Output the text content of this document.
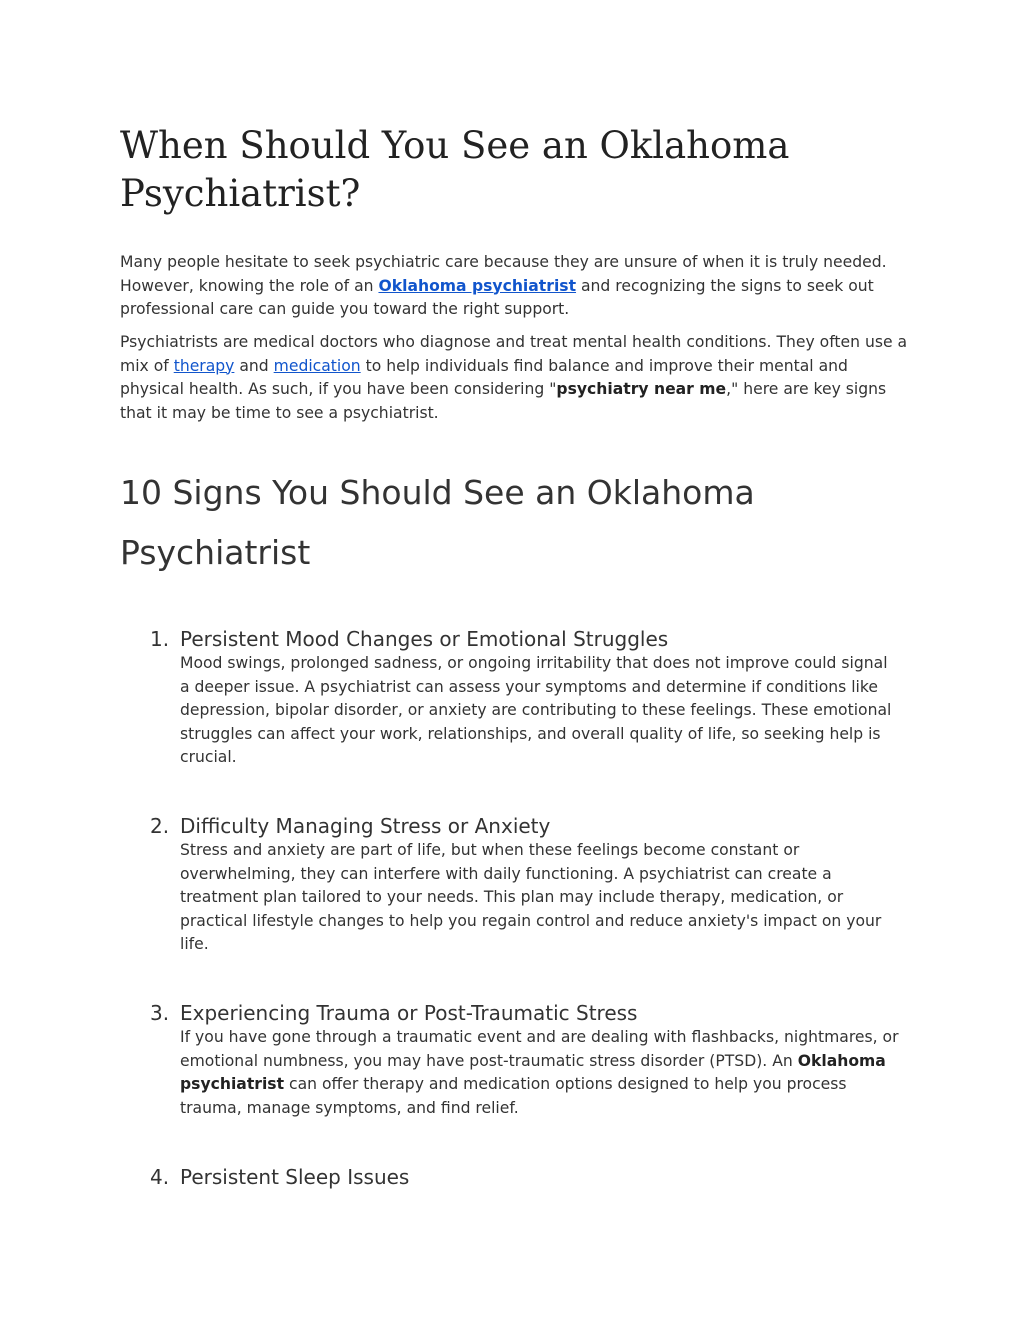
When Should You See an Oklahoma Psychiatrist?

Many people hesitate to seek psychiatric care because they are unsure of when it is truly needed. However, knowing the role of an Oklahoma psychiatrist and recognizing the signs to seek out professional care can guide you toward the right support.

Psychiatrists are medical doctors who diagnose and treat mental health conditions. They often use a mix of therapy and medication to help individuals find balance and improve their mental and physical health. As such, if you have been considering "psychiatry near me," here are key signs that it may be time to see a psychiatrist.

10 Signs You Should See an Oklahoma Psychiatrist
1. Persistent Mood Changes or Emotional Struggles

Mood swings, prolonged sadness, or ongoing irritability that does not improve could signal a deeper issue. A psychiatrist can assess your symptoms and determine if conditions like depression, bipolar disorder, or anxiety are contributing to these feelings. These emotional struggles can affect your work, relationships, and overall quality of life, so seeking help is crucial.

2. Difficulty Managing Stress or Anxiety

Stress and anxiety are part of life, but when these feelings become constant or overwhelming, they can interfere with daily functioning. A psychiatrist can create a treatment plan tailored to your needs. This plan may include therapy, medication, or practical lifestyle changes to help you regain control and reduce anxiety's impact on your life.

3. Experiencing Trauma or Post-Traumatic Stress

If you have gone through a traumatic event and are dealing with flashbacks, nightmares, or emotional numbness, you may have post-traumatic stress disorder (PTSD). An Oklahoma psychiatrist can offer therapy and medication options designed to help you process trauma, manage symptoms, and find relief.

4. Persistent Sleep Issues
